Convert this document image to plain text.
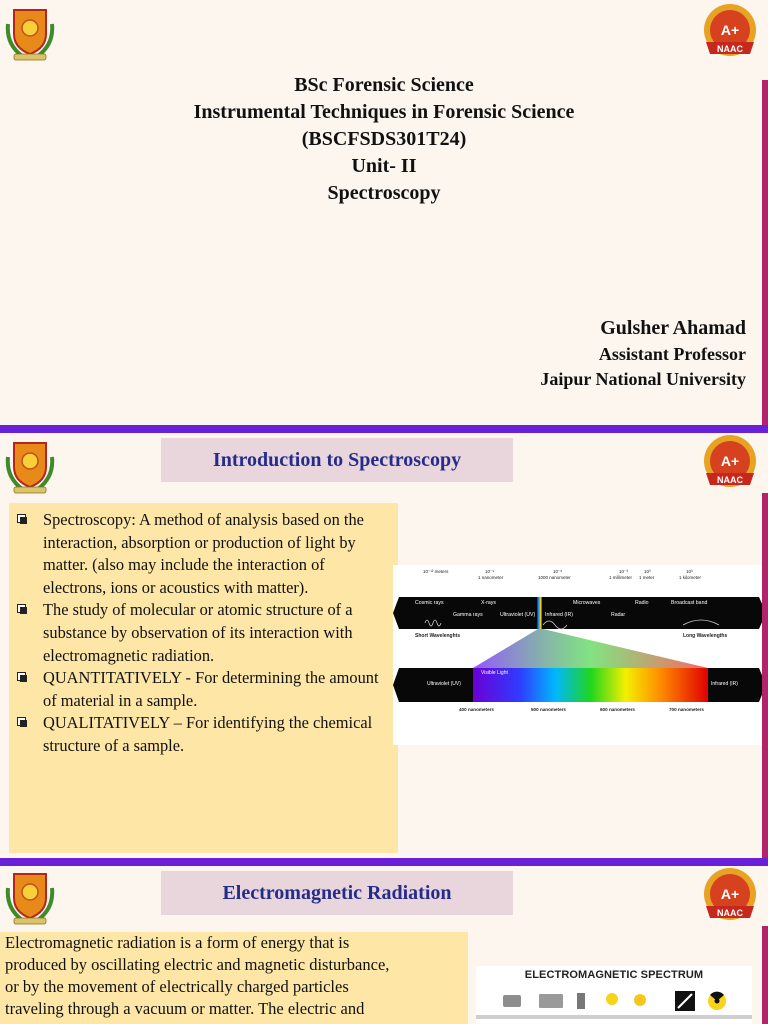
A+
NAAC
BSc Forensic Science
Instrumental Techniques in Forensic Science
(BSCFSDS301T24)
Unit- II
Spectroscopy
Gulsher Ahamad
Assistant Professor
Jaipur National University
A+
NAAC
Introduction to Spectroscopy
Spectroscopy: A method of analysis based on the interaction, absorption or production of light by matter. (also may include the interaction of electrons, ions or acoustics with matter).
The study of molecular or atomic structure of a substance by observation of its interaction with electromagnetic radiation.
QUANTITATIVELY - For determining the amount of material in a sample.
QUALITATIVELY – For identifying the chemical structure of a sample.
10⁻¹² meters	10⁻⁹
1 nanometer
10⁻⁶
1000 nanometer
10⁻³
1 millimeter
10⁰
1 meter
10³
1 kilometer
Cosmic rays
Gamma rays
X-rays
Ultraviolet (UV) Infrared (IR)
Microwaves
Radar
Radio	Broadcast band
Short Wavelenghts	Long Wavelengths
Visible Light
Ultraviolet (UV)	Infrared (IR)
400 nanometers	500 nanometers	600 nanometers	700 nanometers
A+
NAAC
Electromagnetic Radiation

Electromagnetic radiation is a form of energy that is

produced by oscillating electric and magnetic disturbance,

or by the movement of electrically charged particles

traveling through a vacuum or matter. The electric and

ELECTROMAGNETIC SPECTRUM
